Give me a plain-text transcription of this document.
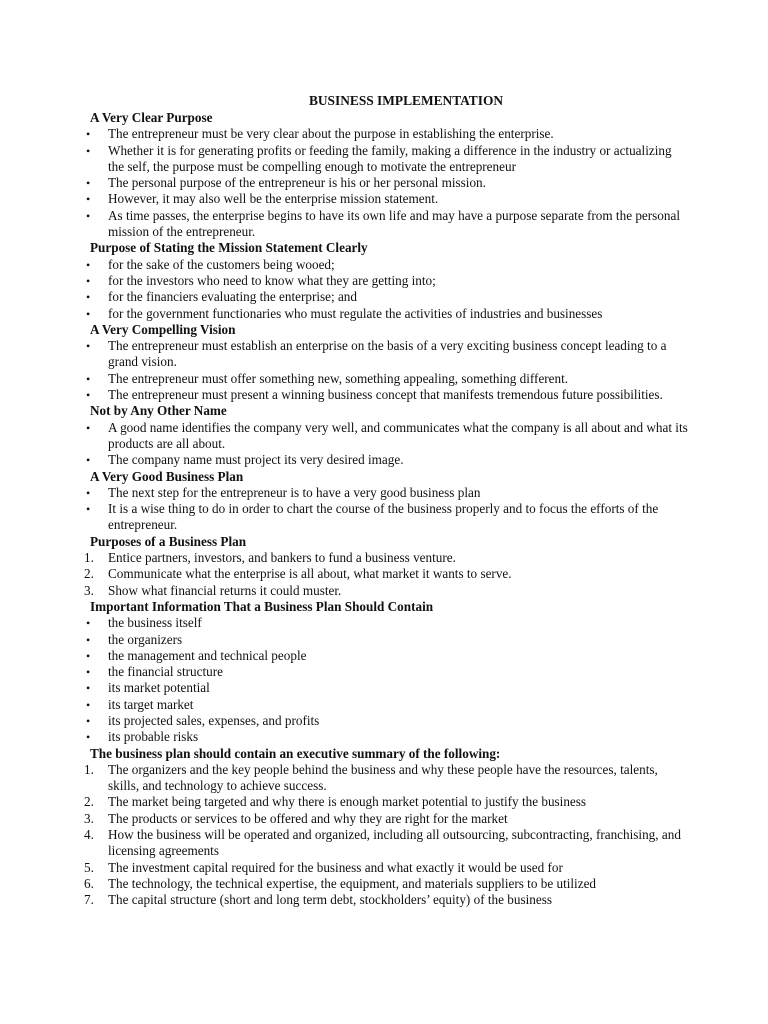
BUSINESS IMPLEMENTATION
A Very Clear Purpose
• The entrepreneur must be very clear about the purpose in establishing the enterprise.
• Whether it is for generating profits or feeding the family, making a difference in the industry or actualizing the self, the purpose must be compelling enough to motivate the entrepreneur
• The personal purpose of the entrepreneur is his or her personal mission.
• However, it may also well be the enterprise mission statement.
• As time passes, the enterprise begins to have its own life and may have a purpose separate from the personal mission of the entrepreneur.
Purpose of Stating the Mission Statement Clearly
• for the sake of the customers being wooed;
• for the investors who need to know what they are getting into;
• for the financiers evaluating the enterprise; and
• for the government functionaries who must regulate the activities of industries and businesses
A Very Compelling Vision
• The entrepreneur must establish an enterprise on the basis of a very exciting business concept leading to a grand vision.
• The entrepreneur must offer something new, something appealing, something different.
• The entrepreneur must present a winning business concept that manifests tremendous future possibilities.
Not by Any Other Name
• A good name identifies the company very well, and communicates what the company is all about and what its products are all about.
• The company name must project its very desired image.
A Very Good Business Plan
• The next step for the entrepreneur is to have a very good business plan
• It is a wise thing to do in order to chart the course of the business properly and to focus the efforts of the entrepreneur.
Purposes of a Business Plan
1. Entice partners, investors, and bankers to fund a business venture.
2. Communicate what the enterprise is all about, what market it wants to serve.
3. Show what financial returns it could muster.
Important Information That a Business Plan Should Contain
• the business itself
• the organizers
• the management and technical people
• the financial structure
• its market potential
• its target market
• its projected sales, expenses, and profits
• its probable risks
The business plan should contain an executive summary of the following:
1. The organizers and the key people behind the business and why these people have the resources, talents, skills, and technology to achieve success.
2. The market being targeted and why there is enough market potential to justify the business
3. The products or services to be offered and why they are right for the market
4. How the business will be operated and organized, including all outsourcing, subcontracting, franchising, and licensing agreements
5. The investment capital required for the business and what exactly it would be used for
6. The technology, the technical expertise, the equipment, and materials suppliers to be utilized
7. The capital structure (short and long term debt, stockholders’ equity) of the business
